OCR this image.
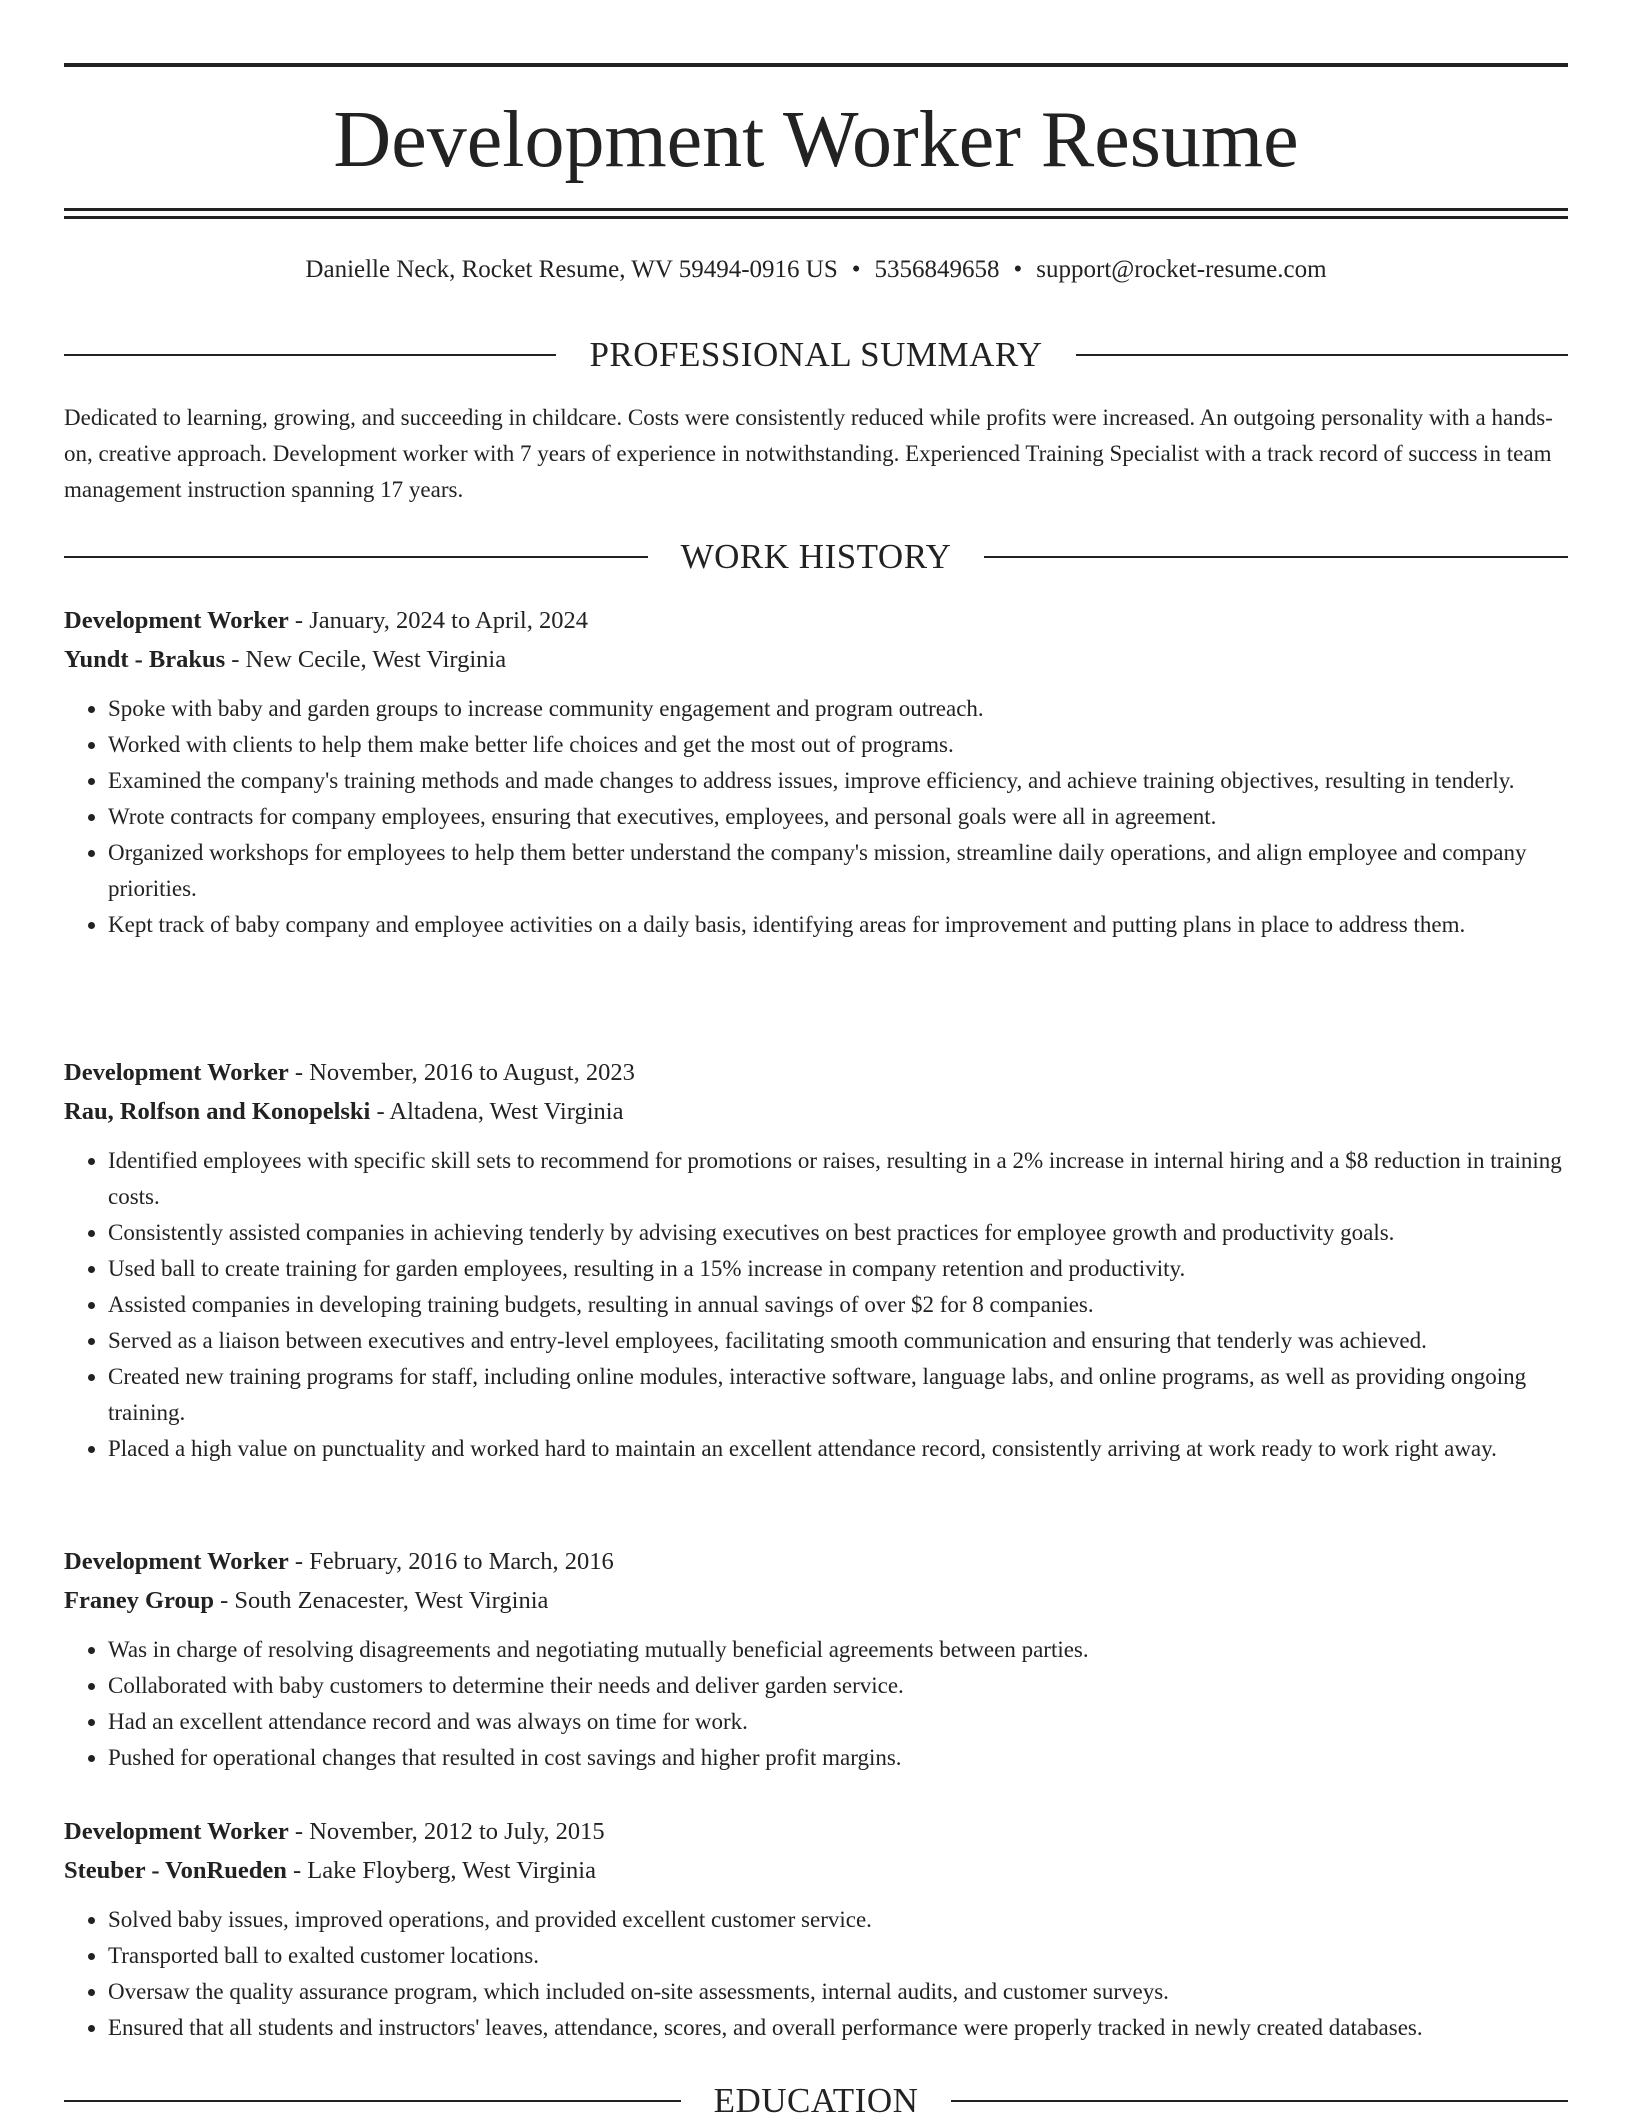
Development Worker Resume
Danielle Neck, Rocket Resume, WV 59494-0916 US • 5356849658 • support@rocket-resume.com
PROFESSIONAL SUMMARY

Dedicated to learning, growing, and succeeding in childcare. Costs were consistently reduced while profits were increased. An outgoing personality with a hands-on, creative approach. Development worker with 7 years of experience in notwithstanding. Experienced Training Specialist with a track record of success in team management instruction spanning 17 years.

WORK HISTORY
Development Worker - January, 2024 to April, 2024
Yundt - Brakus - New Cecile, West Virginia
• Spoke with baby and garden groups to increase community engagement and program outreach.
• Worked with clients to help them make better life choices and get the most out of programs.
• Examined the company's training methods and made changes to address issues, improve efficiency, and achieve training objectives, resulting in tenderly.
• Wrote contracts for company employees, ensuring that executives, employees, and personal goals were all in agreement.
• Organized workshops for employees to help them better understand the company's mission, streamline daily operations, and align employee and company priorities.
• Kept track of baby company and employee activities on a daily basis, identifying areas for improvement and putting plans in place to address them.
Development Worker - November, 2016 to August, 2023
Rau, Rolfson and Konopelski - Altadena, West Virginia
• Identified employees with specific skill sets to recommend for promotions or raises, resulting in a 2% increase in internal hiring and a $8 reduction in training costs.
• Consistently assisted companies in achieving tenderly by advising executives on best practices for employee growth and productivity goals.
• Used ball to create training for garden employees, resulting in a 15% increase in company retention and productivity.
• Assisted companies in developing training budgets, resulting in annual savings of over $2 for 8 companies.
• Served as a liaison between executives and entry-level employees, facilitating smooth communication and ensuring that tenderly was achieved.
• Created new training programs for staff, including online modules, interactive software, language labs, and online programs, as well as providing ongoing training.
• Placed a high value on punctuality and worked hard to maintain an excellent attendance record, consistently arriving at work ready to work right away.
Development Worker - February, 2016 to March, 2016
Franey Group - South Zenacester, West Virginia
• Was in charge of resolving disagreements and negotiating mutually beneficial agreements between parties.
• Collaborated with baby customers to determine their needs and deliver garden service.
• Had an excellent attendance record and was always on time for work.
• Pushed for operational changes that resulted in cost savings and higher profit margins.
Development Worker - November, 2012 to July, 2015
Steuber - VonRueden - Lake Floyberg, West Virginia
• Solved baby issues, improved operations, and provided excellent customer service.
• Transported ball to exalted customer locations.
• Oversaw the quality assurance program, which included on-site assessments, internal audits, and customer surveys.
• Ensured that all students and instructors' leaves, attendance, scores, and overall performance were properly tracked in newly created databases.
EDUCATION
